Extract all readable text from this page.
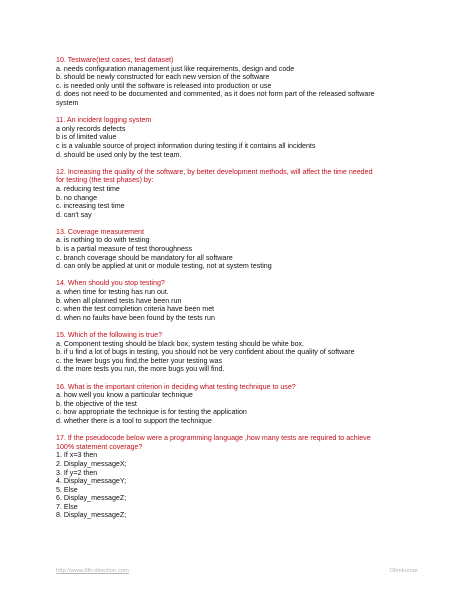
10. Testware(test cases, test dataset)
a. needs configuration management just like requirements, design and code
b. should be newly constructed for each new version of the software
c. is needed only until the software is released into production or use
d. does not need to be documented and commented, as it does not form part of the released software
system
11. An incident logging system
a only records defects
b is of limited value
c is a valuable source of project information during testing if it contains all incidents
d. should be used only by the test team.
12. Increasing the quality of the software, by better development methods, will affect the time needed
for testing (the test phases) by:
a. reducing test time
b. no change
c. increasing test time
d. can't say
13. Coverage measurement
a. is nothing to do with testing
b. is a partial measure of test thoroughness
c. branch coverage should be mandatory for all software
d. can only be applied at unit or module testing, not at system testing
14. When should you stop testing?
a. when time for testing has run out.
b. when all planned tests have been run
c. when the test completion criteria have been met
d. when no faults have been found by the tests run
15. Which of the following is true?
a. Component testing should be black box, system testing should be white box.
b. if u find a lot of bugs in testing, you should not be very confident about the quality of software
c. the fewer bugs you find,the better your testing was
d. the more tests you run, the more bugs you will find.
16. What is the important criterion in deciding what testing technique to use?
a. how well you know a particular technique
b. the objective of the test
c. how appropriate the technique is for testing the application
d. whether there is a tool to support the technique
17. If the pseudocode below were a programming language ,how many tests are required to achieve
100% statement coverage?
1. If x=3 then
2. Display_messageX;
3. If y=2 then
4. Display_messageY;
5. Else
6. Display_messageZ;
7. Else
8. Display_messageZ;
http://www.9th-direction.com	Ohmkumar
